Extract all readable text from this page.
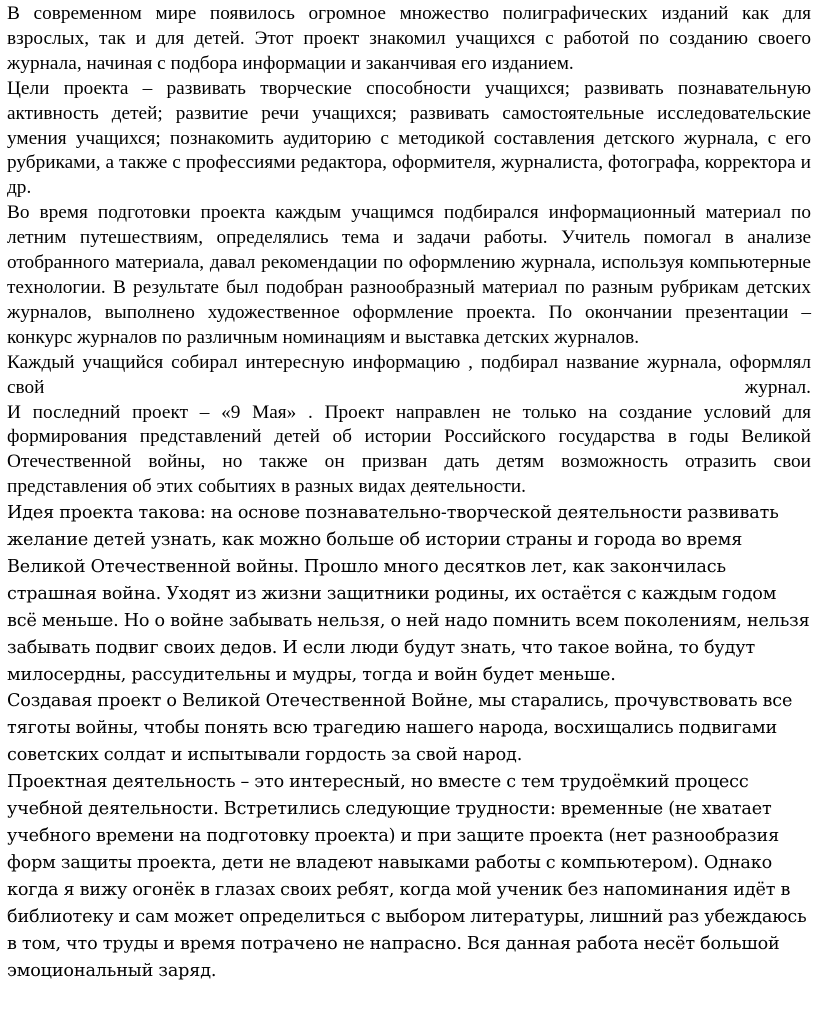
В современном мире появилось огромное множество полиграфических изданий как для взрослых, так и для детей. Этот проект знакомил учащихся с работой по созданию своего журнала, начиная с подбора информации и заканчивая его изданием.

Цели проекта – развивать творческие способности учащихся; развивать познавательную активность детей; развитие речи учащихся; развивать самостоятельные исследовательские умения учащихся; познакомить аудиторию с методикой составления детского журнала, с его рубриками, а также с профессиями редактора, оформителя, журналиста, фотографа, корректора и др.

Во время подготовки проекта каждым учащимся подбирался информационный материал по летним путешествиям, определялись тема и задачи работы. Учитель помогал в анализе отобранного материала, давал рекомендации по оформлению журнала, используя компьютерные технологии. В результате был подобран разнообразный материал по разным рубрикам детских журналов, выполнено художественное оформление проекта. По окончании презентации – конкурс журналов по различным номинациям и выставка детских журналов.

Каждый учащийся собирал интересную информацию , подбирал название журнала, оформлял свой журнал.

И последний проект – «9 Мая» . Проект направлен не только на создание условий для формирования представлений детей об истории Российского государства в годы Великой Отечественной войны, но также он призван дать детям возможность отразить свои представления об этих событиях в разных видах деятельности.

Идея проекта такова: на основе познавательно-творческой деятельности развивать желание детей узнать, как можно больше об истории страны и города во время Великой Отечественной войны. Прошло много десятков лет, как закончилась страшная война. Уходят из жизни защитники родины, их остаётся с каждым годом всё меньше. Но о войне забывать нельзя, о ней надо помнить всем поколениям, нельзя забывать подвиг своих дедов. И если люди будут знать, что такое война, то будут милосердны, рассудительны и мудры, тогда и войн будет меньше.

Создавая проект о Великой Отечественной Войне, мы старались, прочувствовать все тяготы войны, чтобы понять всю трагедию нашего народа, восхищались подвигами советских солдат и испытывали гордость за свой народ.

Проектная деятельность – это интересный, но вместе с тем трудоёмкий процесс учебной деятельности. Встретились следующие трудности: временные (не хватает учебного времени на подготовку проекта) и при защите проекта (нет разнообразия форм защиты проекта, дети не владеют навыками работы с компьютером). Однако когда я вижу огонёк в глазах своих ребят, когда мой ученик без напоминания идёт в библиотеку и сам может определиться с выбором литературы, лишний раз убеждаюсь в том, что труды и время потрачено не напрасно. Вся данная работа несёт большой эмоциональный заряд.
